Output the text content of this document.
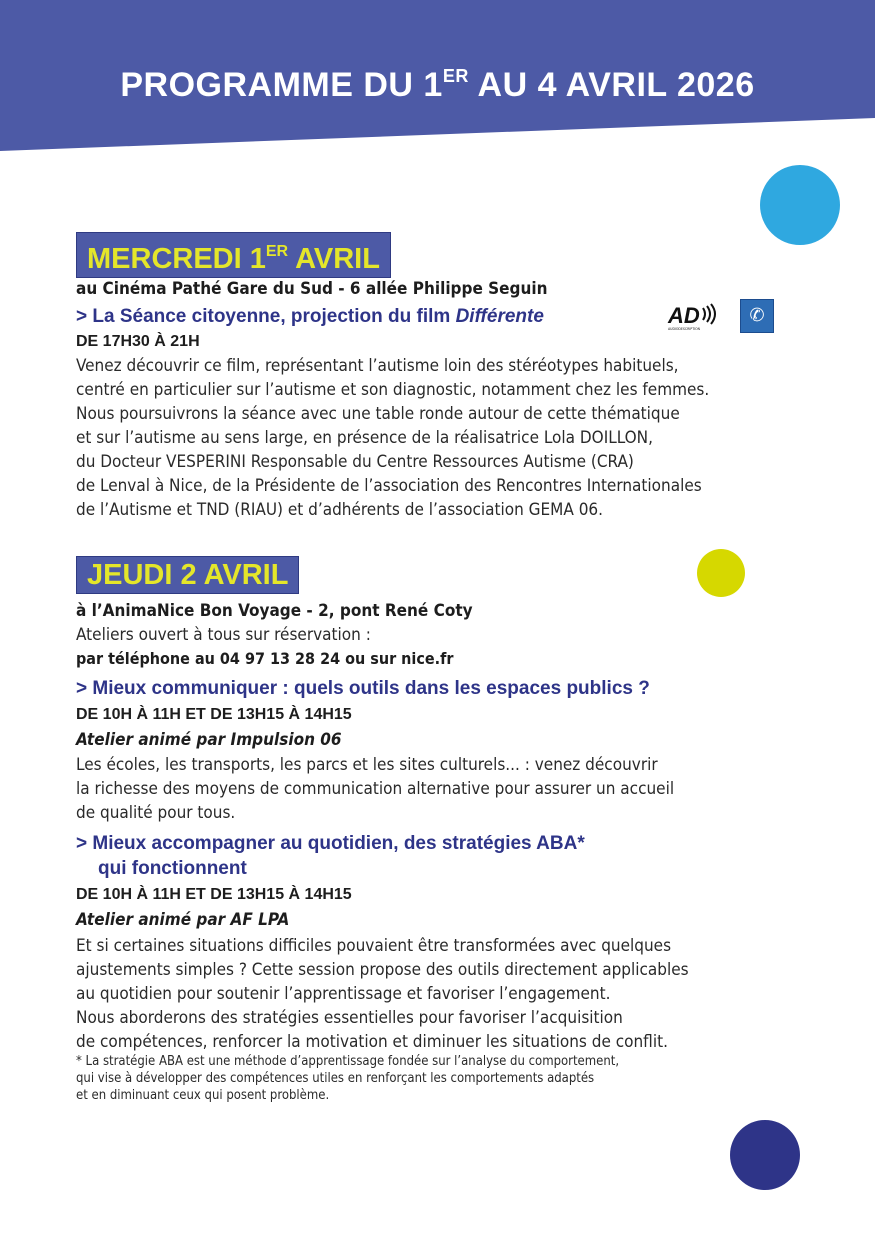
PROGRAMME DU 1ER AU 4 AVRIL 2026
MERCREDI 1ER AVRIL
au Cinéma Pathé Gare du Sud - 6 allée Philippe Seguin
> La Séance citoyenne, projection du film Différente	AD
AUDIODESCRIPTION
✆
DE 17H30 À 21H
Venez découvrir ce film, représentant l’autisme loin des stéréotypes habituels,
centré en particulier sur l’autisme et son diagnostic, notamment chez les femmes.
Nous poursuivrons la séance avec une table ronde autour de cette thématique
et sur l’autisme au sens large, en présence de la réalisatrice Lola DOILLON,
du Docteur VESPERINI Responsable du Centre Ressources Autisme (CRA)
de Lenval à Nice, de la Présidente de l’association des Rencontres Internationales
de l’Autisme et TND (RIAU) et d’adhérents de l’association GEMA 06.
JEUDI 2 AVRIL
à l’AnimaNice Bon Voyage - 2, pont René Coty
Ateliers ouvert à tous sur réservation :
par téléphone au 04 97 13 28 24 ou sur nice.fr
> Mieux communiquer : quels outils dans les espaces publics ?
DE 10H À 11H ET DE 13H15 À 14H15
Atelier animé par Impulsion 06
Les écoles, les transports, les parcs et les sites culturels... : venez découvrir
la richesse des moyens de communication alternative pour assurer un accueil
de qualité pour tous.
> Mieux accompagner au quotidien, des stratégies ABA*
qui fonctionnent
DE 10H À 11H ET DE 13H15 À 14H15
Atelier animé par AF LPA
Et si certaines situations difficiles pouvaient être transformées avec quelques
ajustements simples ? Cette session propose des outils directement applicables
au quotidien pour soutenir l’apprentissage et favoriser l’engagement.
Nous aborderons des stratégies essentielles pour favoriser l’acquisition
de compétences, renforcer la motivation et diminuer les situations de conflit.
* La stratégie ABA est une méthode d’apprentissage fondée sur l’analyse du comportement,
qui vise à développer des compétences utiles en renforçant les comportements adaptés
et en diminuant ceux qui posent problème.
